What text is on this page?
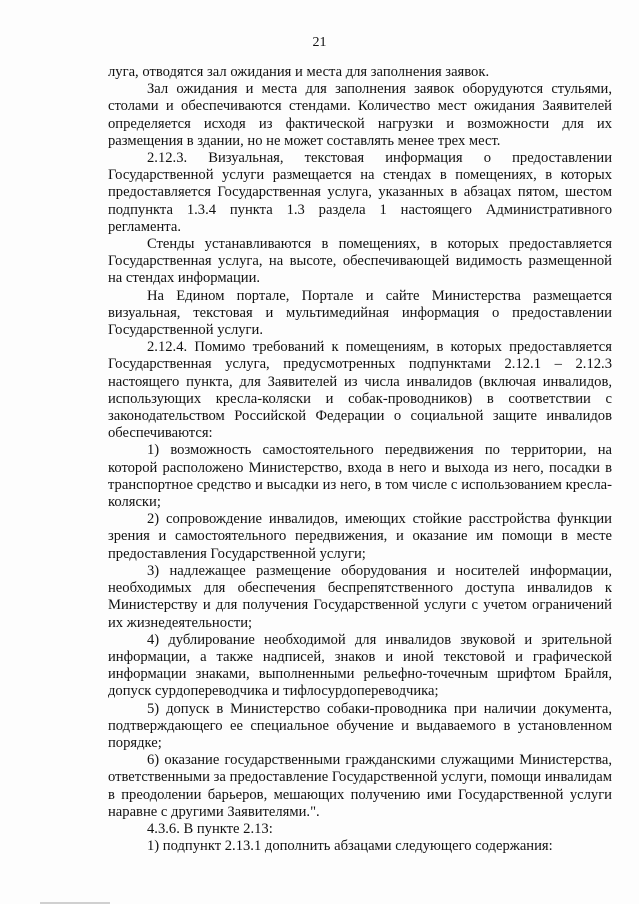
21

луга, отводятся зал ожидания и места для заполнения заявок.

Зал ожидания и места для заполнения заявок оборудуются стульями, столами и обеспечиваются стендами. Количество мест ожидания Заявителей определяется исходя из фактической нагрузки и возможности для их размещения в здании, но не может составлять менее трех мест.

2.12.3. Визуальная, текстовая информация о предоставлении Государственной услуги размещается на стендах в помещениях, в которых предоставляется Государственная услуга, указанных в абзацах пятом, шестом подпункта 1.3.4 пункта 1.3 раздела 1 настоящего Административного регламента.

Стенды устанавливаются в помещениях, в которых предоставляется Государственная услуга, на высоте, обеспечивающей видимость размещенной на стендах информации.

На Едином портале, Портале и сайте Министерства размещается визуальная, текстовая и мультимедийная информация о предоставлении Государственной услуги.

2.12.4. Помимо требований к помещениям, в которых предоставляется Государственная услуга, предусмотренных подпунктами 2.12.1 – 2.12.3 настоящего пункта, для Заявителей из числа инвалидов (включая инвалидов, использующих кресла-коляски и собак-проводников) в соответствии с законодательством Российской Федерации о социальной защите инвалидов обеспечиваются:

1) возможность самостоятельного передвижения по территории, на которой расположено Министерство, входа в него и выхода из него, посадки в транспортное средство и высадки из него, в том числе с использованием кресла-коляски;

2) сопровождение инвалидов, имеющих стойкие расстройства функции зрения и самостоятельного передвижения, и оказание им помощи в месте предоставления Государственной услуги;

3) надлежащее размещение оборудования и носителей информации, необходимых для обеспечения беспрепятственного доступа инвалидов к Министерству и для получения Государственной услуги с учетом ограничений их жизнедеятельности;

4) дублирование необходимой для инвалидов звуковой и зрительной информации, а также надписей, знаков и иной текстовой и графической информации знаками, выполненными рельефно-точечным шрифтом Брайля, допуск сурдопереводчика и тифлосурдопереводчика;

5) допуск в Министерство собаки-проводника при наличии документа, подтверждающего ее специальное обучение и выдаваемого в установленном порядке;

6) оказание государственными гражданскими служащими Министерства, ответственными за предоставление Государственной услуги, помощи инвалидам в преодолении барьеров, мешающих получению ими Государственной услуги наравне с другими Заявителями.".

4.3.6. В пункте 2.13:

1) подпункт 2.13.1 дополнить абзацами следующего содержания:
